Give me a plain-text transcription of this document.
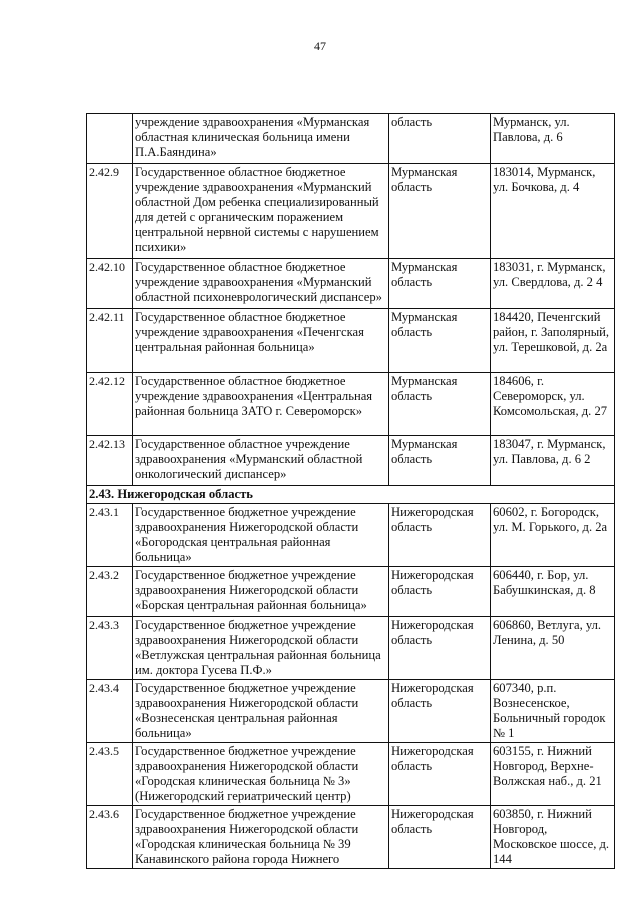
47
	учреждение здравоохранения «Мурманская областная клиническая больница имени П.А.Баяндина»	область	Мурманск, ул. Павлова, д. 6
2.42.9	Государственное областное бюджетное учреждение здравоохранения «Мурманский областной Дом ребенка специализированный для детей с органическим поражением центральной нервной системы с нарушением психики»	Мурманская область	183014, Мурманск, ул. Бочкова, д. 4
2.42.10	Государственное областное бюджетное учреждение здравоохранения «Мурманский областной психоневрологический диспансер»	Мурманская область	183031, г. Мурманск, ул. Свердлова, д. 2 4
2.42.11	Государственное областное бюджетное учреждение здравоохранения «Печенгская центральная районная больница»	Мурманская область	184420, Печенгский район, г. Заполярный, ул. Терешковой, д. 2а
2.42.12	Государственное областное бюджетное учреждение здравоохранения «Центральная районная больница ЗАТО г. Североморск»	Мурманская область	184606, г. Североморск, ул. Комсомольская, д. 27
2.42.13	Государственное областное учреждение здравоохранения «Мурманский областной онкологический диспансер»	Мурманская область	183047, г. Мурманск, ул. Павлова, д. 6 2
2.43. Нижегородская область			
2.43.1	Государственное бюджетное учреждение здравоохранения Нижегородской области «Богородская центральная районная больница»	Нижегородская область	60602, г. Богородск, ул. М. Горького, д. 2а
2.43.2	Государственное бюджетное учреждение здравоохранения Нижегородской области «Борская центральная районная больница»	Нижегородская область	606440, г. Бор, ул. Бабушкинская, д. 8
2.43.3	Государственное бюджетное учреждение здравоохранения Нижегородской области «Ветлужская центральная районная больница им. доктора Гусева П.Ф.»	Нижегородская область	606860, Ветлуга, ул. Ленина, д. 50
2.43.4	Государственное бюджетное учреждение здравоохранения Нижегородской области «Вознесенская центральная районная больница»	Нижегородская область	607340, р.п. Вознесенское, Больничный городок № 1
2.43.5	Государственное бюджетное учреждение здравоохранения Нижегородской области «Городская клиническая больница № 3» (Нижегородский гериатрический центр)	Нижегородская область	603155, г. Нижний Новгород, Верхне-Волжская наб., д. 21
2.43.6	Государственное бюджетное учреждение здравоохранения Нижегородской области «Городская клиническая больница № 39 Канавинского района города Нижнего	Нижегородская область	603850, г. Нижний Новгород, Московское шоссе, д. 144
